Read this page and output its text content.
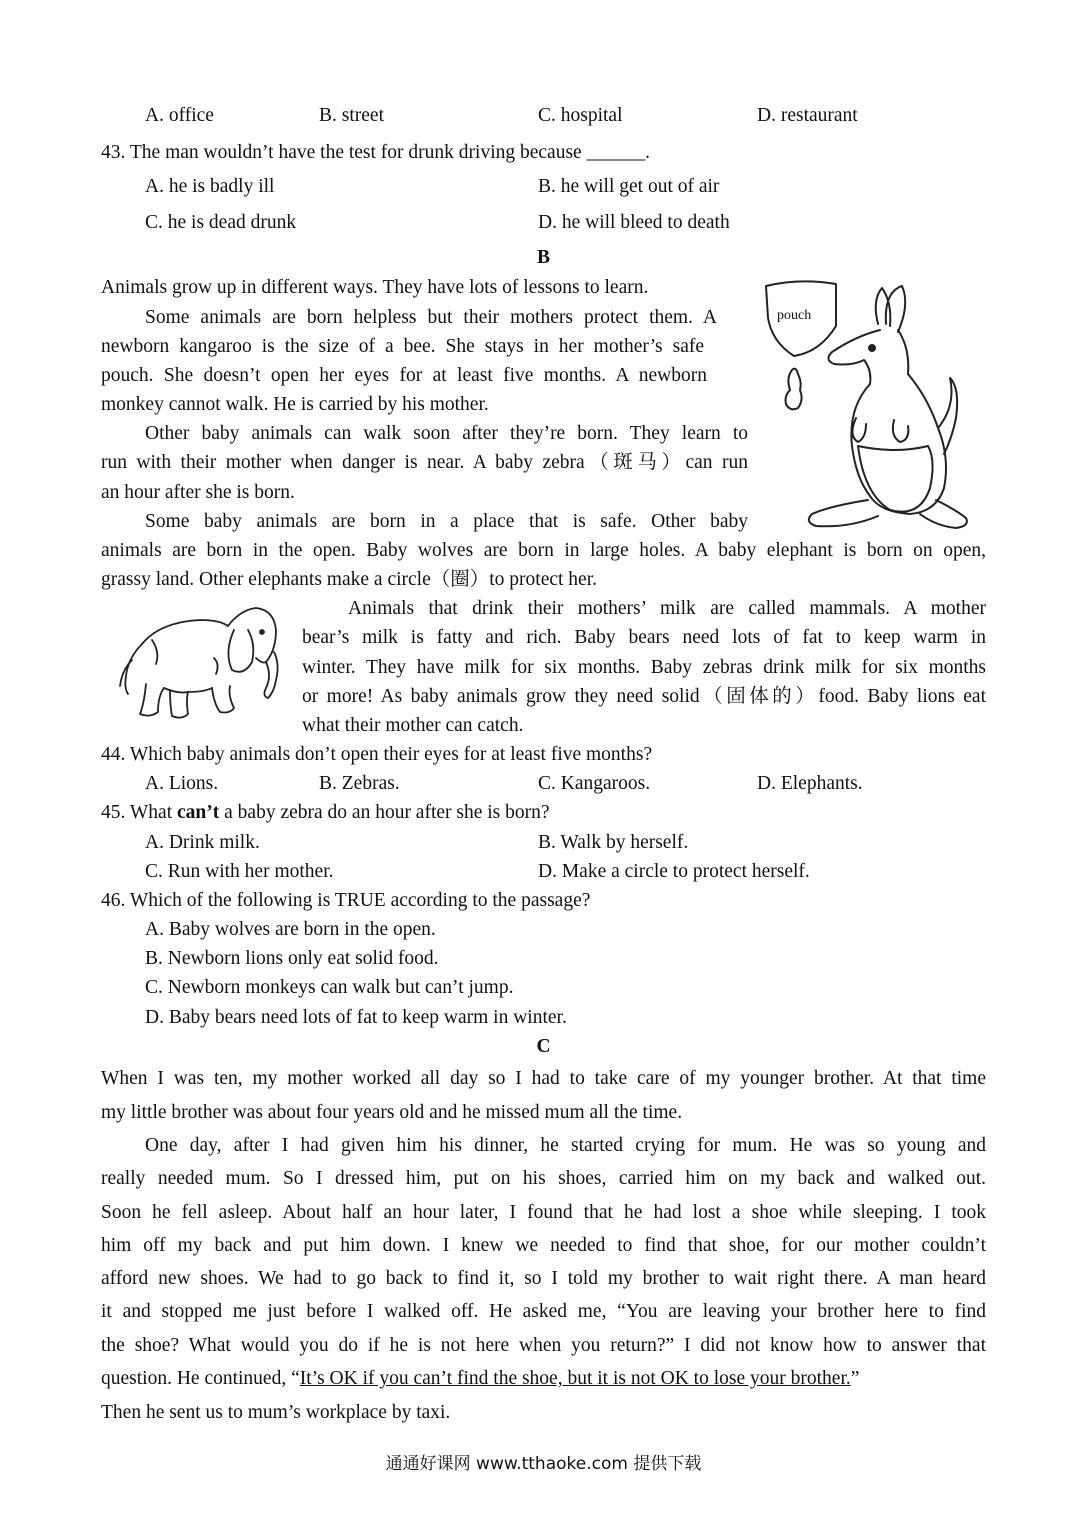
A. office	B. street	C. hospital	D. restaurant
43. The man wouldn’t have the test for drunk driving because ______.
A. he is badly ill	B. he will get out of air
C. he is dead drunk	D. he will bleed to death
B
Animals grow up in different ways. They have lots of lessons to learn.
Some animals are born helpless but their mothers protect them. A
newborn kangaroo is the size of a bee. She stays in her mother’s safe
pouch. She doesn’t open her eyes for at least five months. A newborn
monkey cannot walk. He is carried by his mother.
Other baby animals can walk soon after they’re born. They learn to
run with their mother when danger is near. A baby zebra（斑马）can run
an hour after she is born.
Some baby animals are born in a place that is safe. Other baby
animals are born in the open. Baby wolves are born in large holes. A baby elephant is born on open,
grassy land. Other elephants make a circle（圈）to protect her.
Animals that drink their mothers’ milk are called mammals. A mother
bear’s milk is fatty and rich. Baby bears need lots of fat to keep warm in
winter. They have milk for six months. Baby zebras drink milk for six months
or more! As baby animals grow they need solid（固体的）food. Baby lions eat
what their mother can catch.
pouch
44. Which baby animals don’t open their eyes for at least five months?
A. Lions.	B. Zebras.	C. Kangaroos.	D. Elephants.
45. What can’t a baby zebra do an hour after she is born?
A. Drink milk.	B. Walk by herself.
C. Run with her mother.	D. Make a circle to protect herself.
46. Which of the following is TRUE according to the passage?
A. Baby wolves are born in the open.
B. Newborn lions only eat solid food.
C. Newborn monkeys can walk but can’t jump.
D. Baby bears need lots of fat to keep warm in winter.
C
When I was ten, my mother worked all day so I had to take care of my younger brother. At that time
my little brother was about four years old and he missed mum all the time.
One day, after I had given him his dinner, he started crying for mum. He was so young and
really needed mum. So I dressed him, put on his shoes, carried him on my back and walked out.
Soon he fell asleep. About half an hour later, I found that he had lost a shoe while sleeping. I took
him off my back and put him down. I knew we needed to find that shoe, for our mother couldn’t
afford new shoes. We had to go back to find it, so I told my brother to wait right there. A man heard
it and stopped me just before I walked off. He asked me, “You are leaving your brother here to find
the shoe? What would you do if he is not here when you return?” I did not know how to answer that
question. He continued, “It’s OK if you can’t find the shoe, but it is not OK to lose your brother.”
Then he sent us to mum’s workplace by taxi.
通通好课网 www.tthaoke.com 提供下载
